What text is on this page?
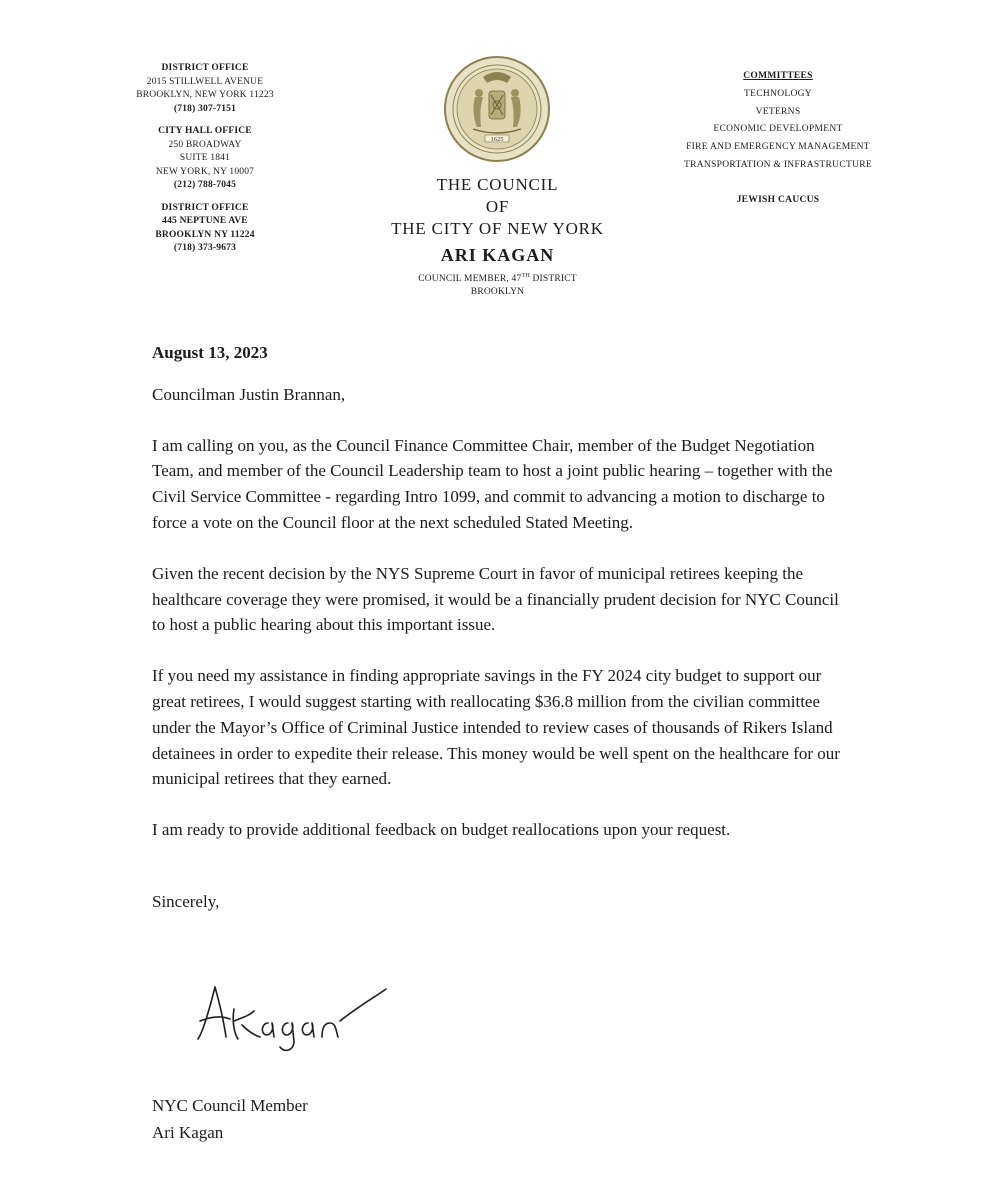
DISTRICT OFFICE
2015 STILLWELL AVENUE
BROOKLYN, NEW YORK 11223
(718) 307-7151
CITY HALL OFFICE
250 BROADWAY
SUITE 1841
NEW YORK, NY 10007
(212) 788-7045
DISTRICT OFFICE
445 NEPTUNE AVE
BROOKLYN NY 11224
(718) 373-9673
1625
THE COUNCIL
OF
THE CITY OF NEW YORK
ARI KAGAN
COUNCIL MEMBER, 47TH DISTRICT
BROOKLYN
COMMITTEES
TECHNOLOGY
VETERNS
ECONOMIC DEVELOPMENT
FIRE AND EMERGENCY MANAGEMENT
TRANSPORTATION & INFRASTRUCTURE
JEWISH CAUCUS

August 13, 2023

Councilman Justin Brannan,

I am calling on you, as the Council Finance Committee Chair, member of the Budget Negotiation Team, and member of the Council Leadership team to host a joint public hearing – together with the Civil Service Committee - regarding Intro 1099, and commit to advancing a motion to discharge to force a vote on the Council floor at the next scheduled Stated Meeting.

Given the recent decision by the NYS Supreme Court in favor of municipal retirees keeping the healthcare coverage they were promised, it would be a financially prudent decision for NYC Council to host a public hearing about this important issue.

If you need my assistance in finding appropriate savings in the FY 2024 city budget to support our great retirees, I would suggest starting with reallocating $36.8 million from the civilian committee under the Mayor’s Office of Criminal Justice intended to review cases of thousands of Rikers Island detainees in order to expedite their release. This money would be well spent on the healthcare for our municipal retirees that they earned.

I am ready to provide additional feedback on budget reallocations upon your request.

Sincerely,

NYC Council Member
Ari Kagan
